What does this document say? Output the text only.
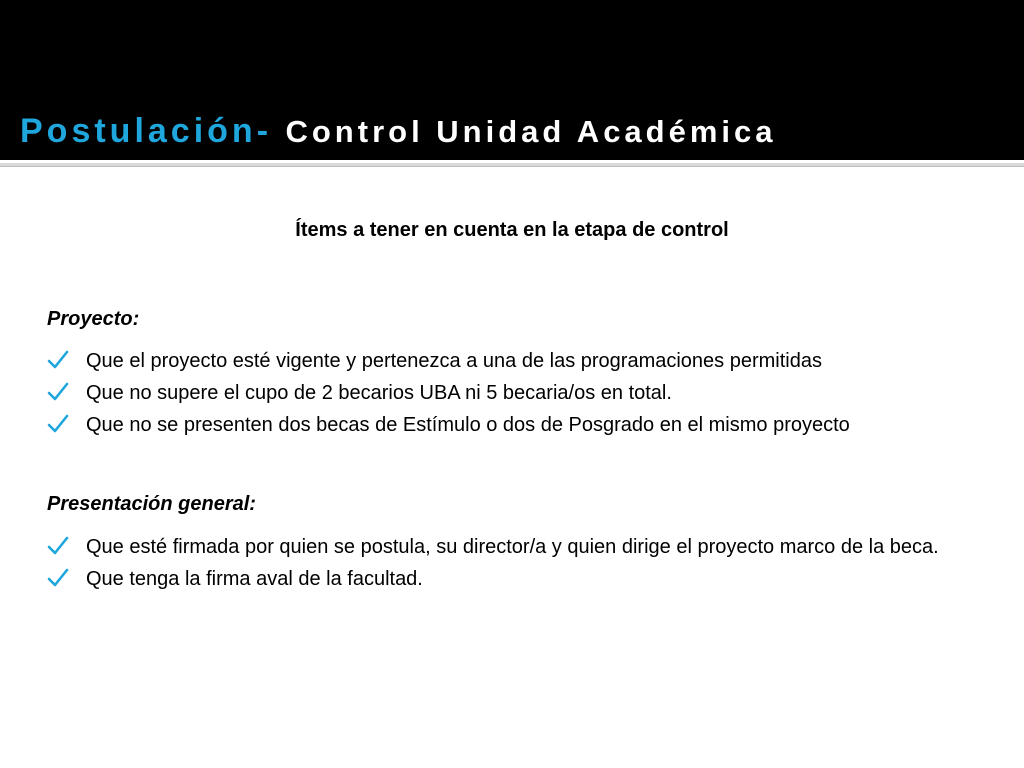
Postulación- Control Unidad Académica
Ítems a tener en cuenta en la etapa de control
Proyecto:
Que el proyecto esté vigente y pertenezca a una de las programaciones permitidas
Que no supere el cupo de 2 becarios UBA ni 5 becaria/os en total.
Que no se presenten dos becas de Estímulo o dos de Posgrado en el mismo proyecto
Presentación general:
Que esté firmada por quien se postula, su director/a y quien dirige el proyecto marco de la beca.
Que tenga la firma aval de la facultad.
